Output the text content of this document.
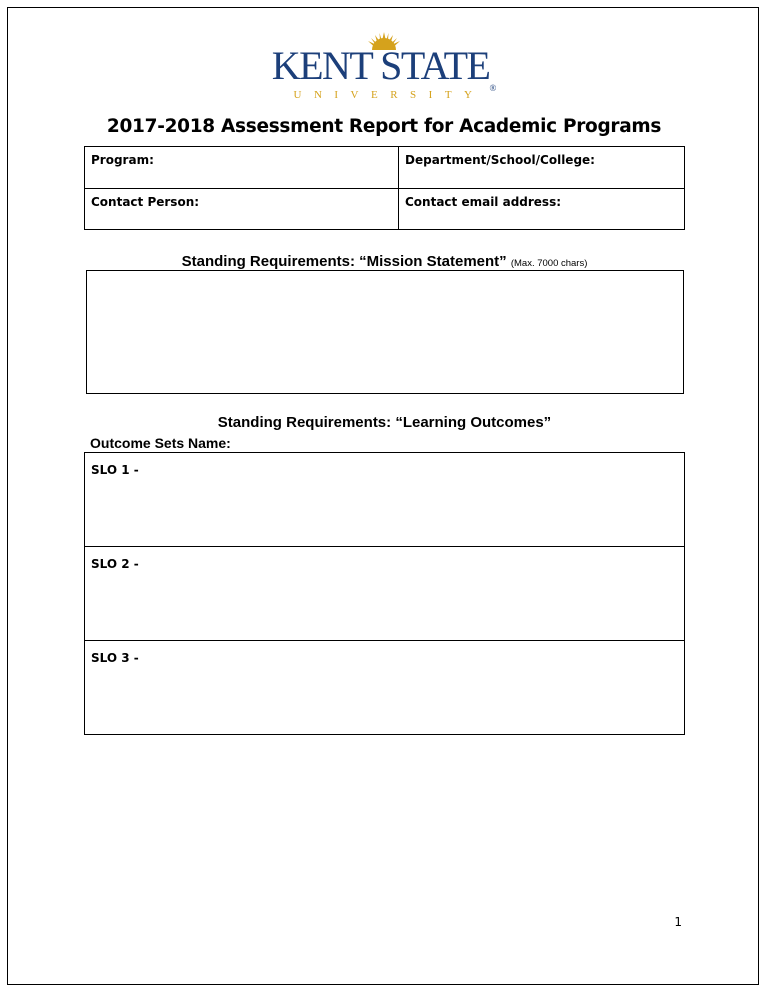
KENT STATE®
UNIVERSITY
2017-2018 Assessment Report for Academic Programs
Program:	Department/School/College:
Contact Person:	Contact email address:
Standing Requirements: “Mission Statement” (Max. 7000 chars)
Standing Requirements: “Learning Outcomes”
Outcome Sets Name:
SLO 1 -
SLO 2 -
SLO 3 -
1
